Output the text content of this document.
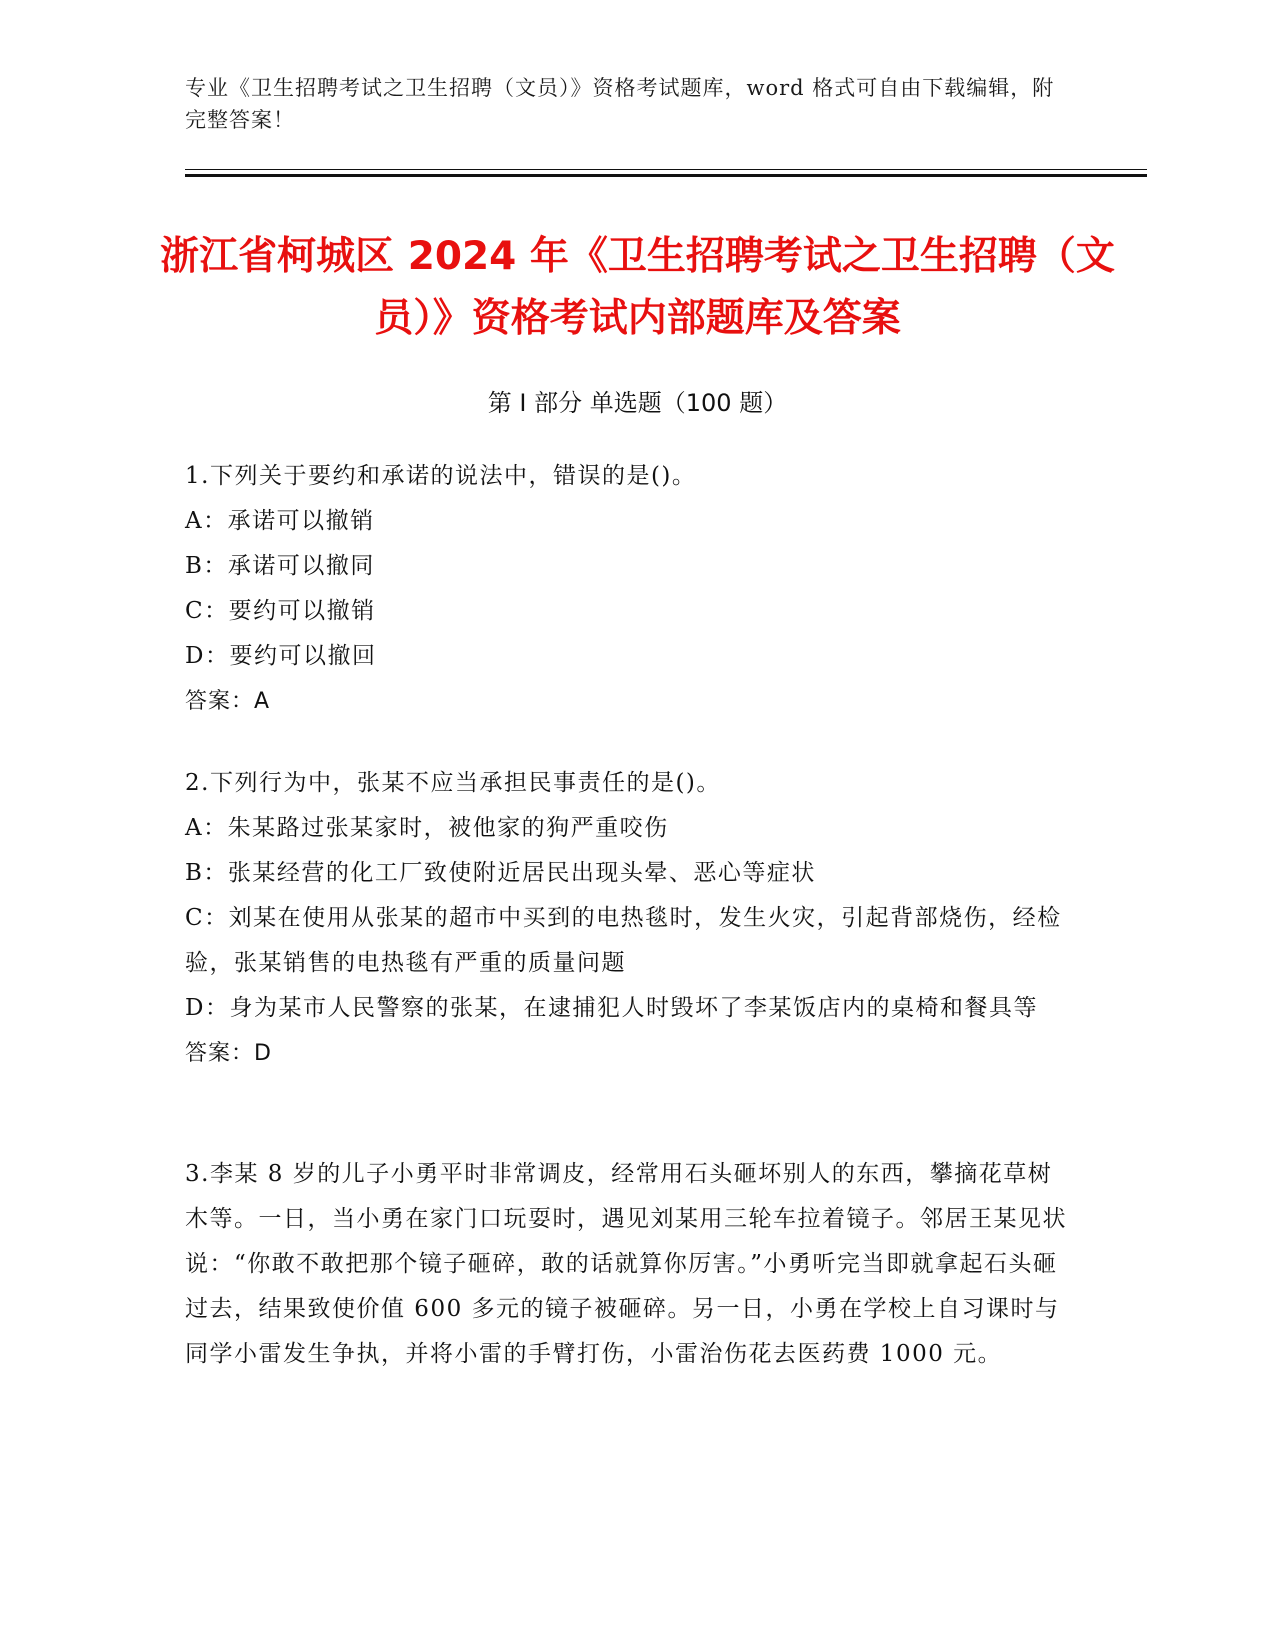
专业《卫生招聘考试之卫生招聘（文员）》资格考试题库，word 格式可自由下载编辑，附完整答案！
浙江省柯城区 2024 年《卫生招聘考试之卫生招聘（文员）》资格考试内部题库及答案
第 I 部分 单选题（100 题）

1.下列关于要约和承诺的说法中，错误的是()。

A：承诺可以撤销

B：承诺可以撤同

C：要约可以撤销

D：要约可以撤回

答案：A

2.下列行为中，张某不应当承担民事责任的是()。

A：朱某路过张某家时，被他家的狗严重咬伤

B：张某经营的化工厂致使附近居民出现头晕、恶心等症状

C：刘某在使用从张某的超市中买到的电热毯时，发生火灾，引起背部烧伤，经检验，张某销售的电热毯有严重的质量问题

D：身为某市人民警察的张某，在逮捕犯人时毁坏了李某饭店内的桌椅和餐具等

答案：D

3.李某 8 岁的儿子小勇平时非常调皮，经常用石头砸坏别人的东西，攀摘花草树木等。一日，当小勇在家门口玩耍时，遇见刘某用三轮车拉着镜子。邻居王某见状说：“你敢不敢把那个镜子砸碎，敢的话就算你厉害。”小勇听完当即就拿起石头砸过去，结果致使价值 600 多元的镜子被砸碎。另一日，小勇在学校上自习课时与同学小雷发生争执，并将小雷的手臂打伤，小雷治伤花去医药费 1000 元。
